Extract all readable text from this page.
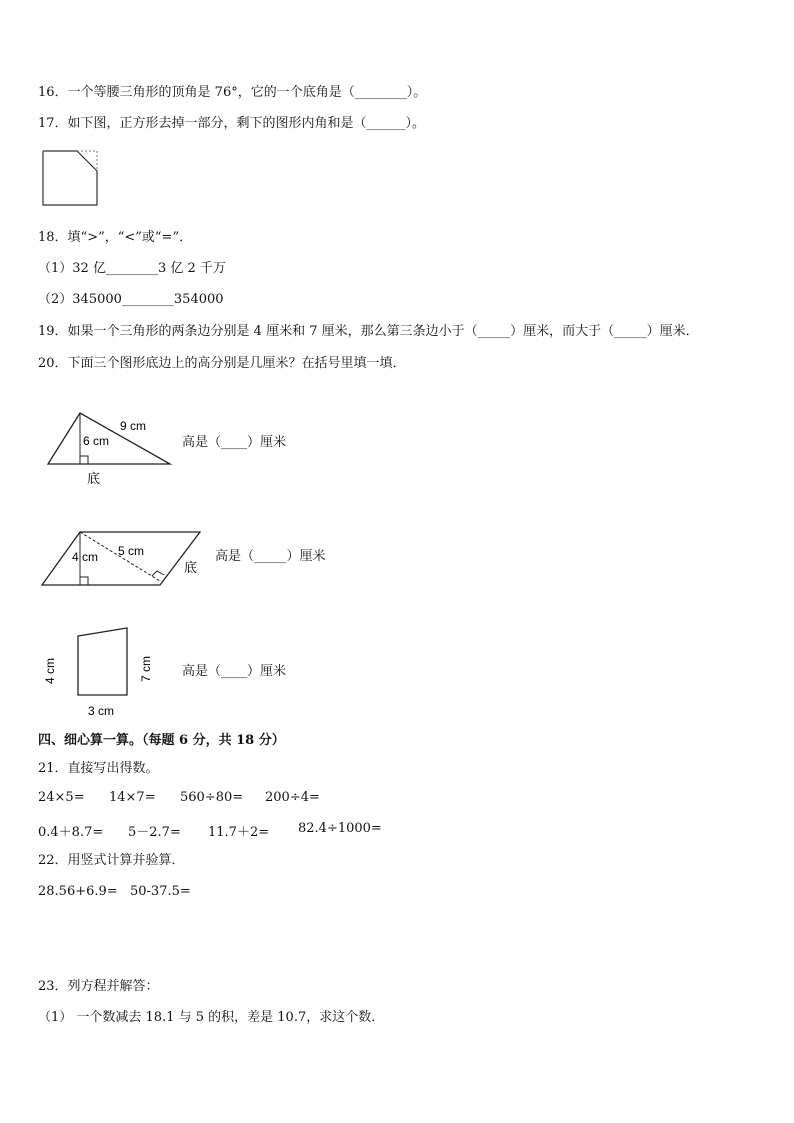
16．一个等腰三角形的顶角是 76°，它的一个底角是（________）。
17．如下图，正方形去掉一部分，剩下的图形内角和是（______）。
18．填“>”，“<”或“=”．
（1）32 亿________3 亿 2 千万
（2）345000________354000
19．如果一个三角形的两条边分别是 4 厘米和 7 厘米，那么第三条边小于（_____）厘米，而大于（_____）厘米．
20．下面三个图形底边上的高分别是几厘米？在括号里填一填．
9 cm
6 cm
底
高是（____）厘米
4 cm 5 cm
底
高是（_____）厘米
4 cm	7 cm
3 cm
高是（____）厘米
四、细心算一算。（每题 6 分，共 18 分）
21．直接写出得数。
24×5= 14×7= 560÷80= 200÷4=
0.4＋8.7= 5－2.7= 11.7＋2= 82.4÷1000=
22．用竖式计算并验算．
28.56+6.9= 50-37.5=
23．列方程并解答：
（1） 一个数减去 18.1 与 5 的积，差是 10.7，求这个数．
